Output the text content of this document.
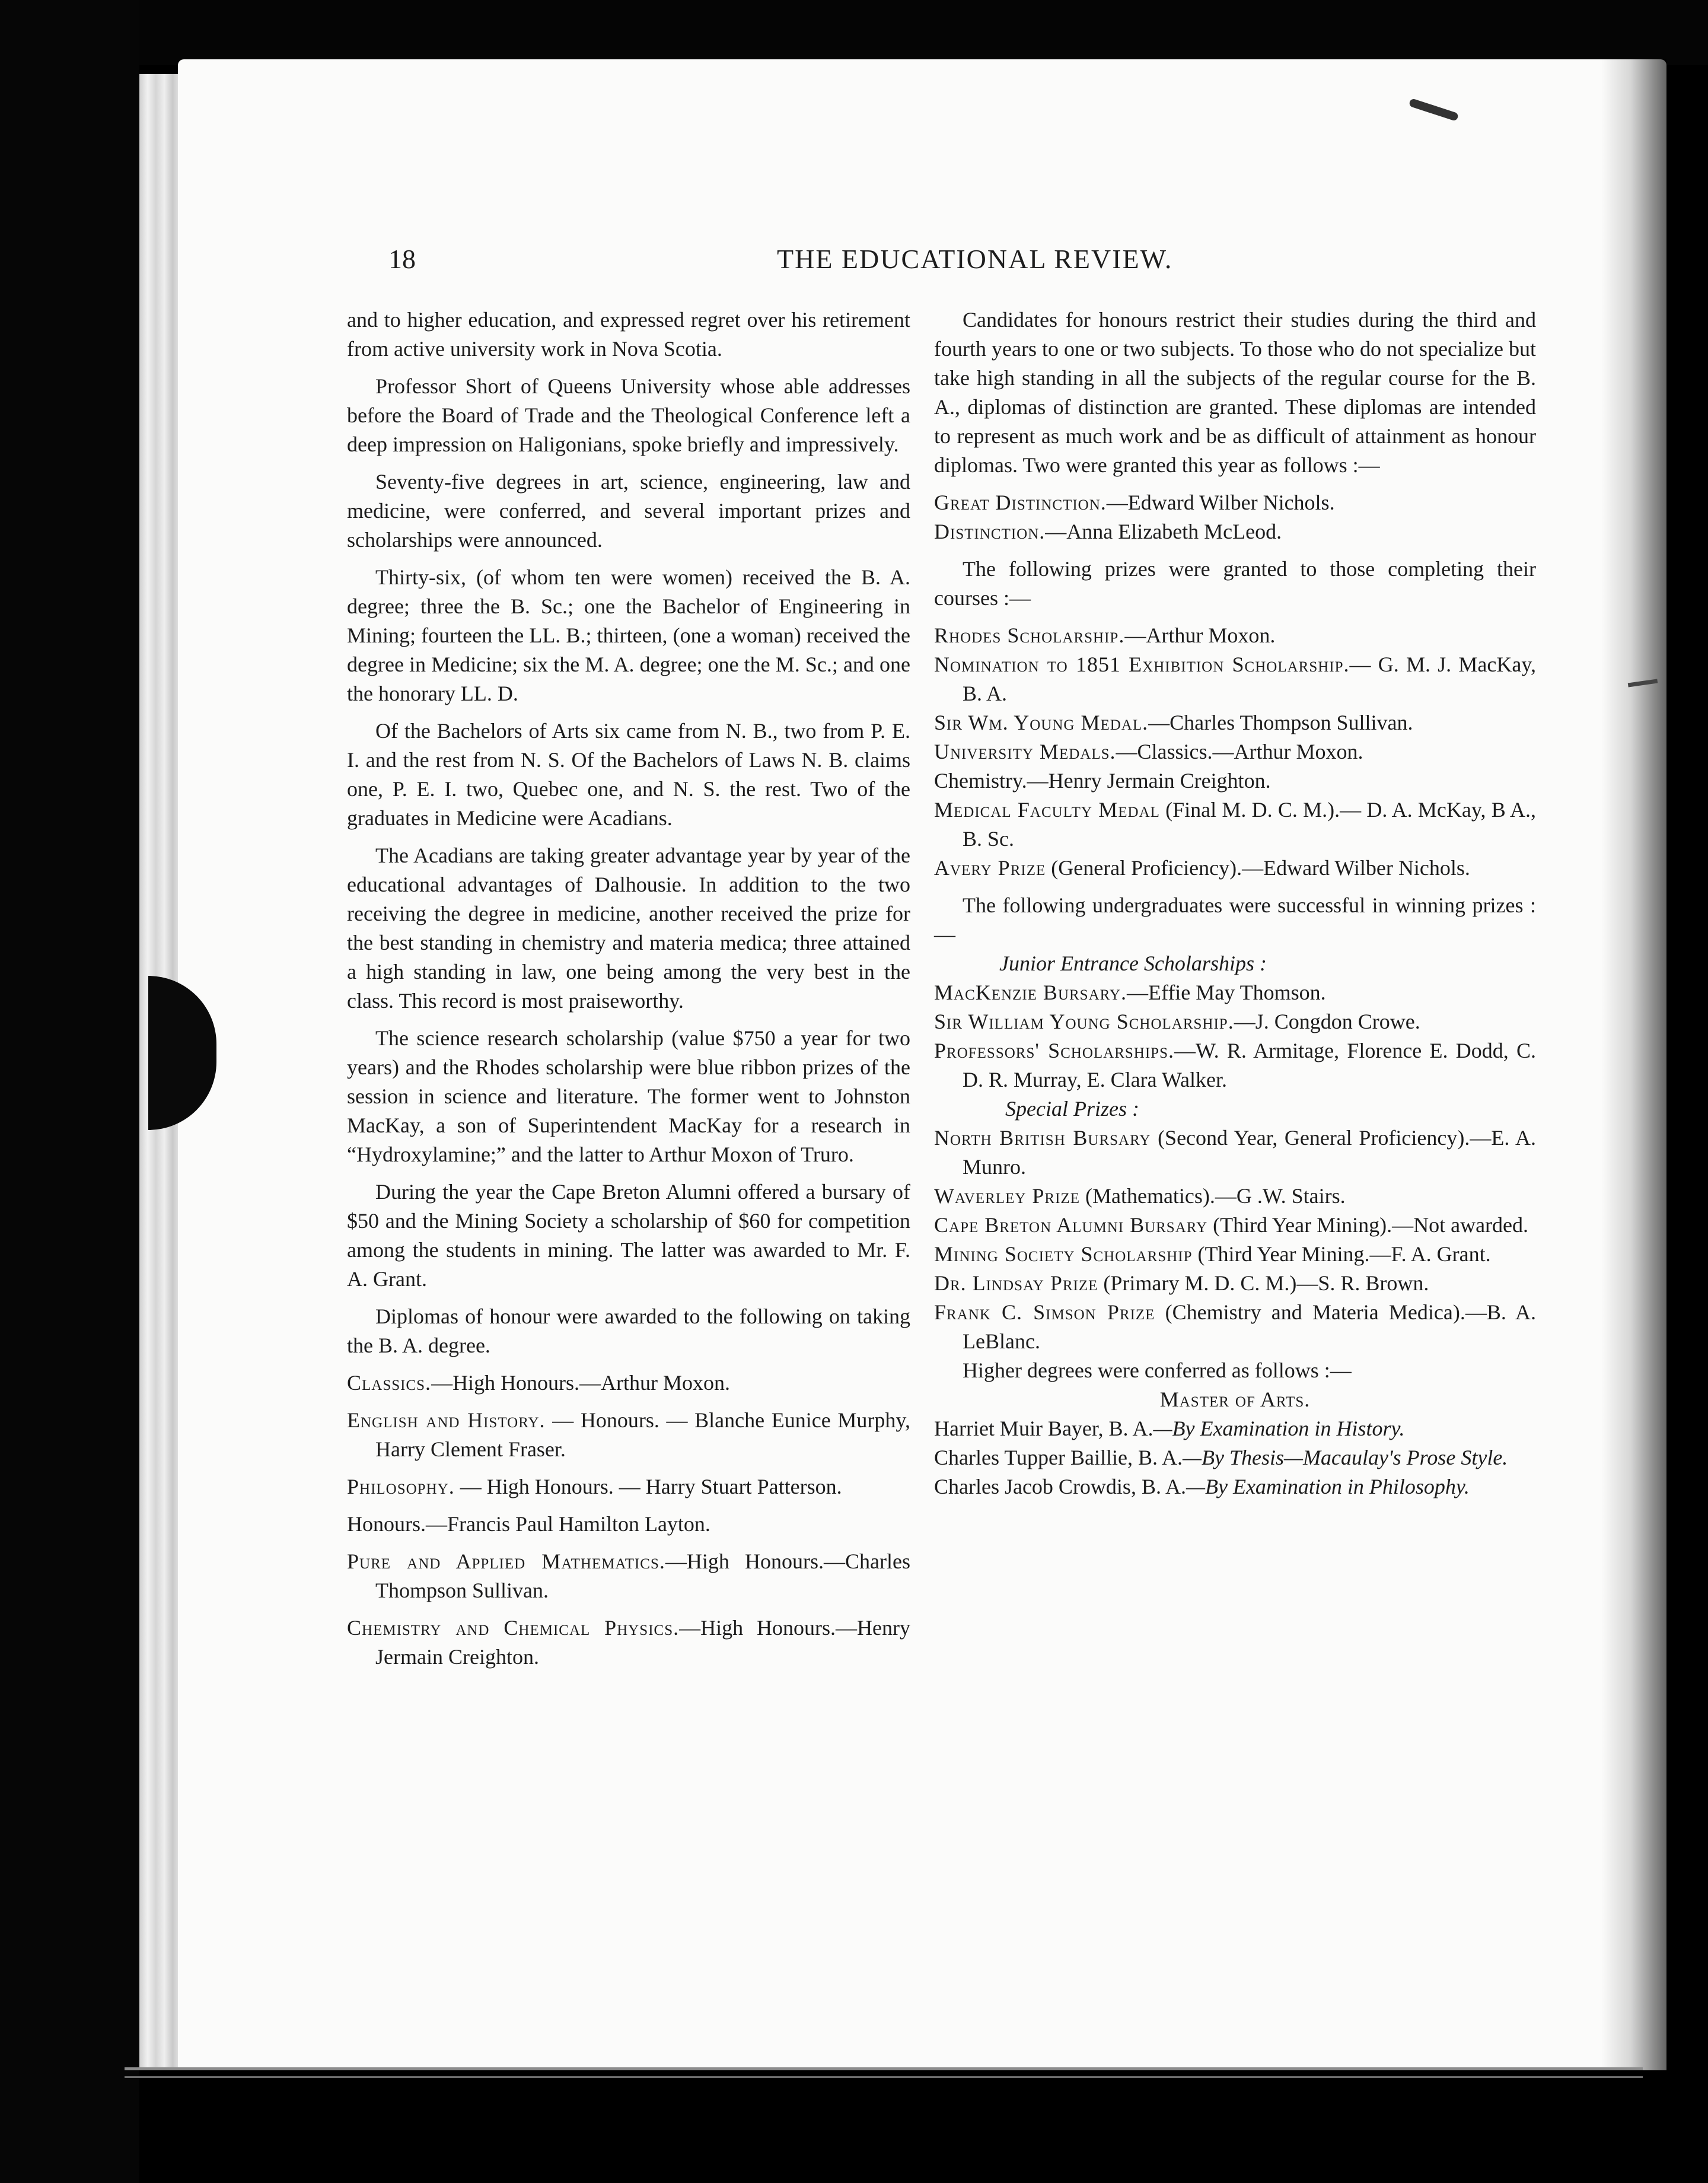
18	THE EDUCATIONAL REVIEW.

and to higher education, and expressed regret over his retirement from active university work in Nova Scotia.

Professor Short of Queens University whose able addresses before the Board of Trade and the Theological Conference left a deep impression on Haligonians, spoke briefly and impressively.

Seventy-five degrees in art, science, engineering, law and medicine, were conferred, and several important prizes and scholarships were announced.

Thirty-six, (of whom ten were women) received the B. A. degree; three the B. Sc.; one the Bachelor of Engineering in Mining; fourteen the LL. B.; thirteen, (one a woman) received the degree in Medicine; six the M. A. degree; one the M. Sc.; and one the honorary LL. D.

Of the Bachelors of Arts six came from N. B., two from P. E. I. and the rest from N. S. Of the Bachelors of Laws N. B. claims one, P. E. I. two, Quebec one, and N. S. the rest. Two of the graduates in Medicine were Acadians.

The Acadians are taking greater advantage year by year of the educational advantages of Dalhousie. In addition to the two receiving the degree in medicine, another received the prize for the best standing in chemistry and materia medica; three attained a high standing in law, one being among the very best in the class. This record is most praiseworthy.

The science research scholarship (value $750 a year for two years) and the Rhodes scholarship were blue ribbon prizes of the session in science and literature. The former went to Johnston MacKay, a son of Superintendent MacKay for a research in “Hydroxylamine;” and the latter to Arthur Moxon of Truro.

During the year the Cape Breton Alumni offered a bursary of $50 and the Mining Society a scholarship of $60 for competition among the students in mining. The latter was awarded to Mr. F. A. Grant.

Diplomas of honour were awarded to the following on taking the B. A. degree.

Classics.—High Honours.—Arthur Moxon.

English and History. — Honours. — Blanche Eunice Murphy, Harry Clement Fraser.

Philosophy. — High Honours. — Harry Stuart Patterson.

Honours.—Francis Paul Hamilton Layton.

Pure and Applied Mathematics.—High Honours.—Charles Thompson Sullivan.

Chemistry and Chemical Physics.—High Honours.—Henry Jermain Creighton.

Candidates for honours restrict their studies during the third and fourth years to one or two subjects. To those who do not specialize but take high standing in all the subjects of the regular course for the B. A., diplomas of distinction are granted. These diplomas are intended to represent as much work and be as difficult of attainment as honour diplomas. Two were granted this year as follows :—

Great Distinction.—Edward Wilber Nichols.

Distinction.—Anna Elizabeth McLeod.

The following prizes were granted to those completing their courses :—

Rhodes Scholarship.—Arthur Moxon.

Nomination to 1851 Exhibition Scholarship.— G. M. J. MacKay, B. A.

Sir Wm. Young Medal.—Charles Thompson Sullivan.

University Medals.—Classics.—Arthur Moxon.

Chemistry.—Henry Jermain Creighton.

Medical Faculty Medal (Final M. D. C. M.).— D. A. McKay, B A., B. Sc.

Avery Prize (General Proficiency).—Edward Wilber Nichols.

The following undergraduates were successful in winning prizes :—

Junior Entrance Scholarships :

MacKenzie Bursary.—Effie May Thomson.

Sir William Young Scholarship.—J. Congdon Crowe.

Professors' Scholarships.—W. R. Armitage, Florence E. Dodd, C. D. R. Murray, E. Clara Walker.

Special Prizes :

North British Bursary (Second Year, General Proficiency).—E. A. Munro.

Waverley Prize (Mathematics).—G .W. Stairs.

Cape Breton Alumni Bursary (Third Year Mining).—Not awarded.

Mining Society Scholarship (Third Year Mining.—F. A. Grant.

Dr. Lindsay Prize (Primary M. D. C. M.)—S. R. Brown.

Frank C. Simson Prize (Chemistry and Materia Medica).—B. A. LeBlanc.

Higher degrees were conferred as follows :—

Master of Arts.

Harriet Muir Bayer, B. A.—By Examination in History.

Charles Tupper Baillie, B. A.—By Thesis—Macaulay's Prose Style.

Charles Jacob Crowdis, B. A.—By Examination in Philosophy.
